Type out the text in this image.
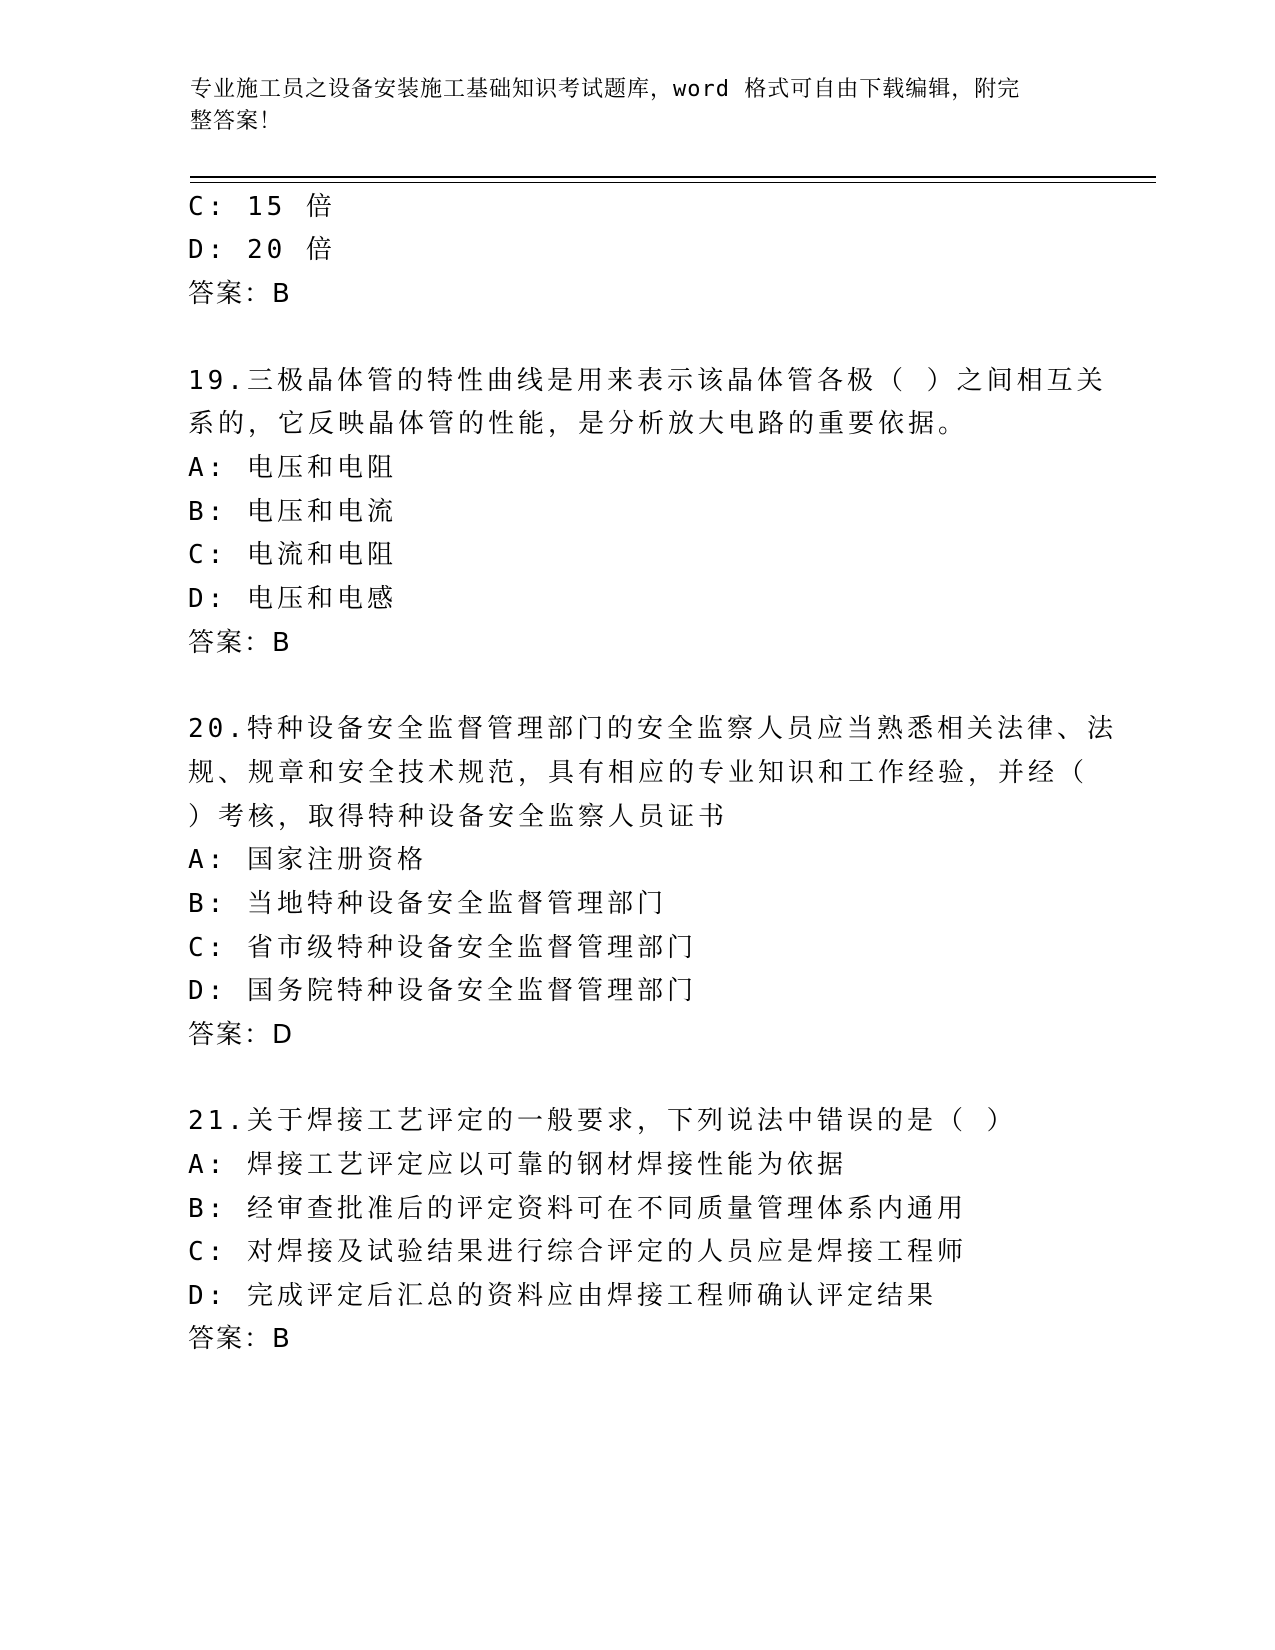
专业施工员之设备安装施工基础知识考试题库，word 格式可自由下载编辑，附完
整答案！
C: 15 倍
D: 20 倍
答案：B
19.三极晶体管的特性曲线是用来表示该晶体管各极（ ）之间相互关
系的，它反映晶体管的性能，是分析放大电路的重要依据。
A: 电压和电阻
B: 电压和电流
C: 电流和电阻
D: 电压和电感
答案：B
20.特种设备安全监督管理部门的安全监察人员应当熟悉相关法律、法
规、规章和安全技术规范，具有相应的专业知识和工作经验，并经（
）考核，取得特种设备安全监察人员证书
A: 国家注册资格
B: 当地特种设备安全监督管理部门
C: 省市级特种设备安全监督管理部门
D: 国务院特种设备安全监督管理部门
答案：D
21.关于焊接工艺评定的一般要求，下列说法中错误的是（ ）
A: 焊接工艺评定应以可靠的钢材焊接性能为依据
B: 经审查批准后的评定资料可在不同质量管理体系内通用
C: 对焊接及试验结果进行综合评定的人员应是焊接工程师
D: 完成评定后汇总的资料应由焊接工程师确认评定结果
答案：B
